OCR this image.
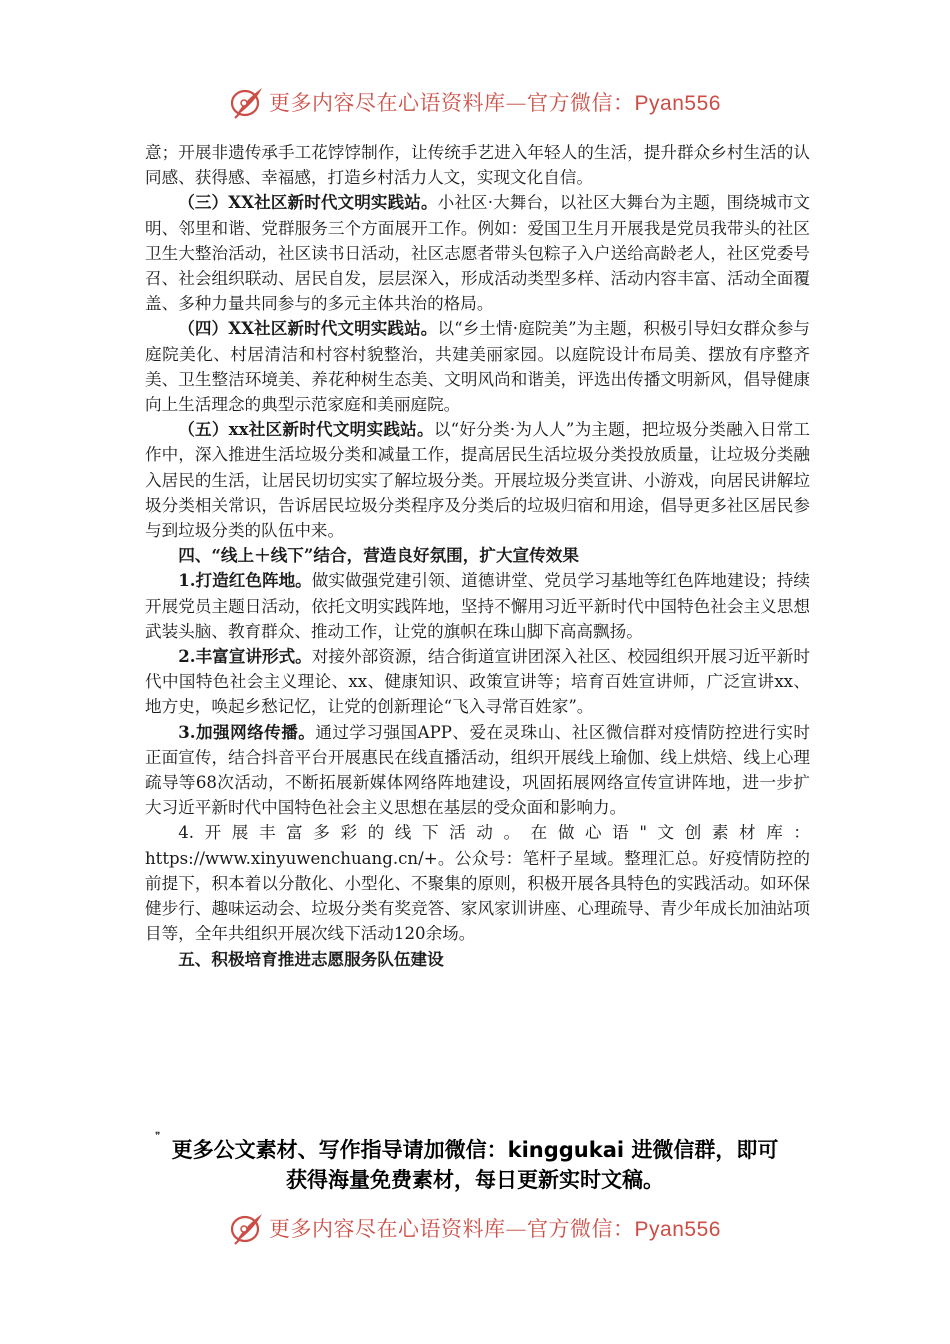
更多内容尽在心语资料库—官方微信：Pyan556

意；开展非遗传承手工花饽饽制作，让传统手艺进入年轻人的生活，提升群众乡村生活的认同感、获得感、幸福感，打造乡村活力人文，实现文化自信。

（三）XX社区新时代文明实践站。小社区·大舞台，以社区大舞台为主题，围绕城市文明、邻里和谐、党群服务三个方面展开工作。例如：爱国卫生月开展我是党员我带头的社区卫生大整治活动，社区读书日活动，社区志愿者带头包粽子入户送给高龄老人，社区党委号召、社会组织联动、居民自发，层层深入，形成活动类型多样、活动内容丰富、活动全面覆盖、多种力量共同参与的多元主体共治的格局。

（四）XX社区新时代文明实践站。以“乡土情·庭院美”为主题，积极引导妇女群众参与庭院美化、村居清洁和村容村貌整治，共建美丽家园。以庭院设计布局美、摆放有序整齐美、卫生整洁环境美、养花种树生态美、文明风尚和谐美，评选出传播文明新风，倡导健康向上生活理念的典型示范家庭和美丽庭院。

（五）xx社区新时代文明实践站。以“好分类·为人人”为主题，把垃圾分类融入日常工作中，深入推进生活垃圾分类和减量工作，提高居民生活垃圾分类投放质量，让垃圾分类融入居民的生活，让居民切切实实了解垃圾分类。开展垃圾分类宣讲、小游戏，向居民讲解垃圾分类相关常识，告诉居民垃圾分类程序及分类后的垃圾归宿和用途，倡导更多社区居民参与到垃圾分类的队伍中来。

四、“线上＋线下”结合，营造良好氛围，扩大宣传效果

1.打造红色阵地。做实做强党建引领、道德讲堂、党员学习基地等红色阵地建设；持续开展党员主题日活动，依托文明实践阵地，坚持不懈用习近平新时代中国特色社会主义思想武装头脑、教育群众、推动工作，让党的旗帜在珠山脚下高高飘扬。

2.丰富宣讲形式。对接外部资源，结合街道宣讲团深入社区、校园组织开展习近平新时代中国特色社会主义理论、xx、健康知识、政策宣讲等；培育百姓宣讲师，广泛宣讲xx、地方史，唤起乡愁记忆，让党的创新理论“飞入寻常百姓家”。

3.加强网络传播。通过学习强国APP、爱在灵珠山、社区微信群对疫情防控进行实时正面宣传，结合抖音平台开展惠民在线直播活动，组织开展线上瑜伽、线上烘焙、线上心理疏导等68次活动，不断拓展新媒体网络阵地建设，巩固拓展网络宣传宣讲阵地，进一步扩大习近平新时代中国特色社会主义思想在基层的受众面和影响力。

4.开展丰富多彩的线下活动。在做心语"文创素材库：https://www.xinyuwenchuang.cn/+。公众号：笔杆子星域。整理汇总。好疫情防控的前提下，积本着以分散化、小型化、不聚集的原则，积极开展各具特色的实践活动。如环保健步行、趣味运动会、垃圾分类有奖竞答、家风家训讲座、心理疏导、青少年成长加油站项目等，全年共组织开展次线下活动120余场。

五、积极培育推进志愿服务队伍建设

❞
更多公文素材、写作指导请加微信：kinggukai 进微信群，即可
获得海量免费素材，每日更新实时文稿。
更多内容尽在心语资料库—官方微信：Pyan556
